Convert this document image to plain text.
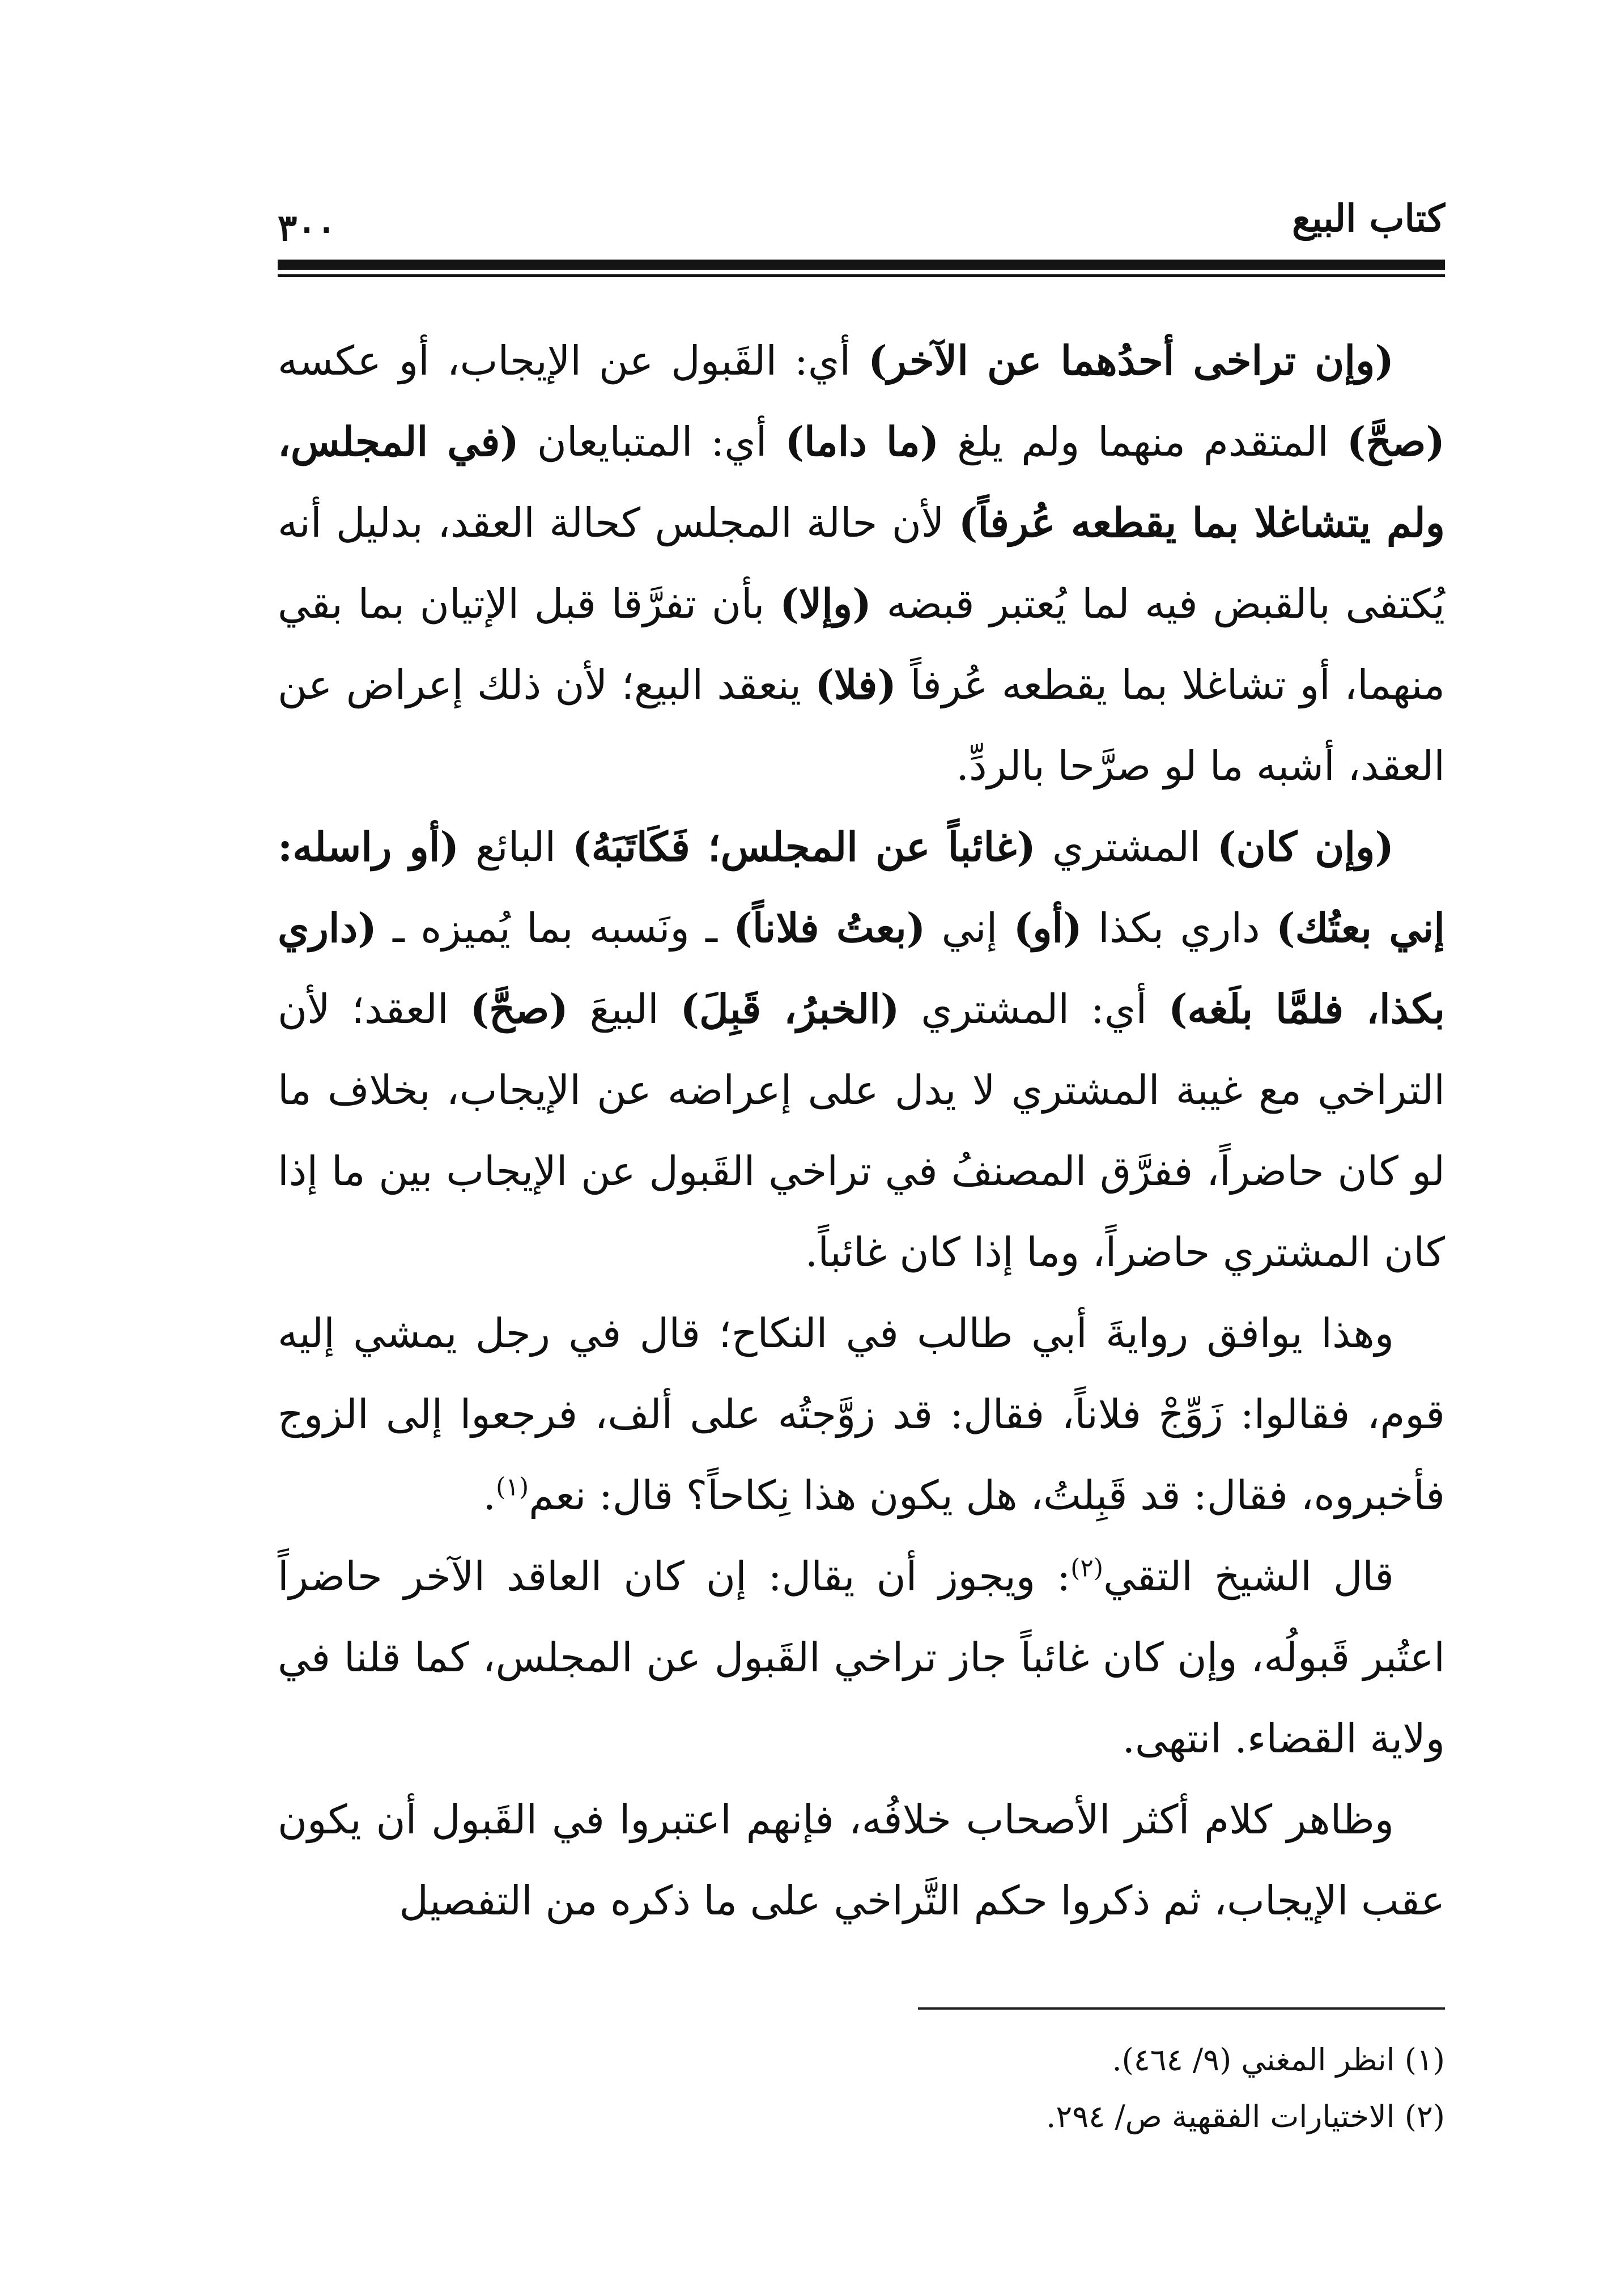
كتاب البيع
٣٠٠

(وإن تراخى أحدُهما عن الآخر) أي: القَبول عن الإيجاب، أو عكسه (صحَّ) المتقدم منهما ولم يلغ (ما داما) أي: المتبايعان (في المجلس، ولم يتشاغلا بما يقطعه عُرفاً) لأن حالة المجلس كحالة العقد، بدليل أنه يُكتفى بالقبض فيه لما يُعتبر قبضه (وإلا) بأن تفرَّقا قبل الإتيان بما بقي منهما، أو تشاغلا بما يقطعه عُرفاً (فلا) ينعقد البيع؛ لأن ذلك إعراض عن العقد، أشبه ما لو صرَّحا بالردِّ.

(وإن كان) المشتري (غائباً عن المجلس؛ فَكَاتَبَهُ) البائع (أو راسله: إني بعتُك) داري بكذا (أو) إني (بعتُ فلاناً) ـ ونَسبه بما يُميزه ـ (داري بكذا، فلمَّا بلَغه) أي: المشتري (الخبرُ، قَبِلَ) البيعَ (صحَّ) العقد؛ لأن التراخي مع غيبة المشتري لا يدل على إعراضه عن الإيجاب، بخلاف ما لو كان حاضراً، ففرَّق المصنفُ في تراخي القَبول عن الإيجاب بين ما إذا كان المشتري حاضراً، وما إذا كان غائباً.

وهذا يوافق روايةَ أبي طالب في النكاح؛ قال في رجل يمشي إليه قوم، فقالوا: زَوِّجْ فلاناً، فقال: قد زوَّجتُه على ألف، فرجعوا إلى الزوج فأخبروه، فقال: قد قَبِلتُ، هل يكون هذا نِكاحاً؟ قال: نعم$^{(١)}$.

قال الشيخ التقي$^{(٢)}$: ويجوز أن يقال: إن كان العاقد الآخر حاضراً اعتُبر قَبولُه، وإن كان غائباً جاز تراخي القَبول عن المجلس، كما قلنا في ولاية القضاء. انتهى.

وظاهر كلام أكثر الأصحاب خلافُه، فإنهم اعتبروا في القَبول أن يكون عقب الإيجاب، ثم ذكروا حكم التَّراخي على ما ذكره من التفصيل

(١) انظر المغني (٩/ ٤٦٤).

(٢) الاختيارات الفقهية ص/ ٢٩٤.
